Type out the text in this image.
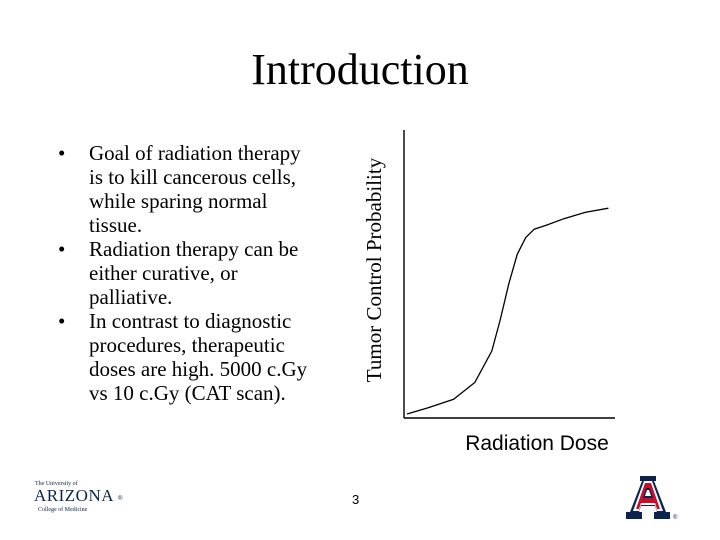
Introduction
• Goal of radiation therapy
is to kill cancerous cells,
while sparing normal
tissue.
• Radiation therapy can be
either curative, or
palliative.
• In contrast to diagnostic
procedures, therapeutic
doses are high. 5000 c.Gy
vs 10 c.Gy (CAT scan).
Tumor Control Probability
Radiation Dose
3
The University of
ARIZONA ®
College of Medicine
®
